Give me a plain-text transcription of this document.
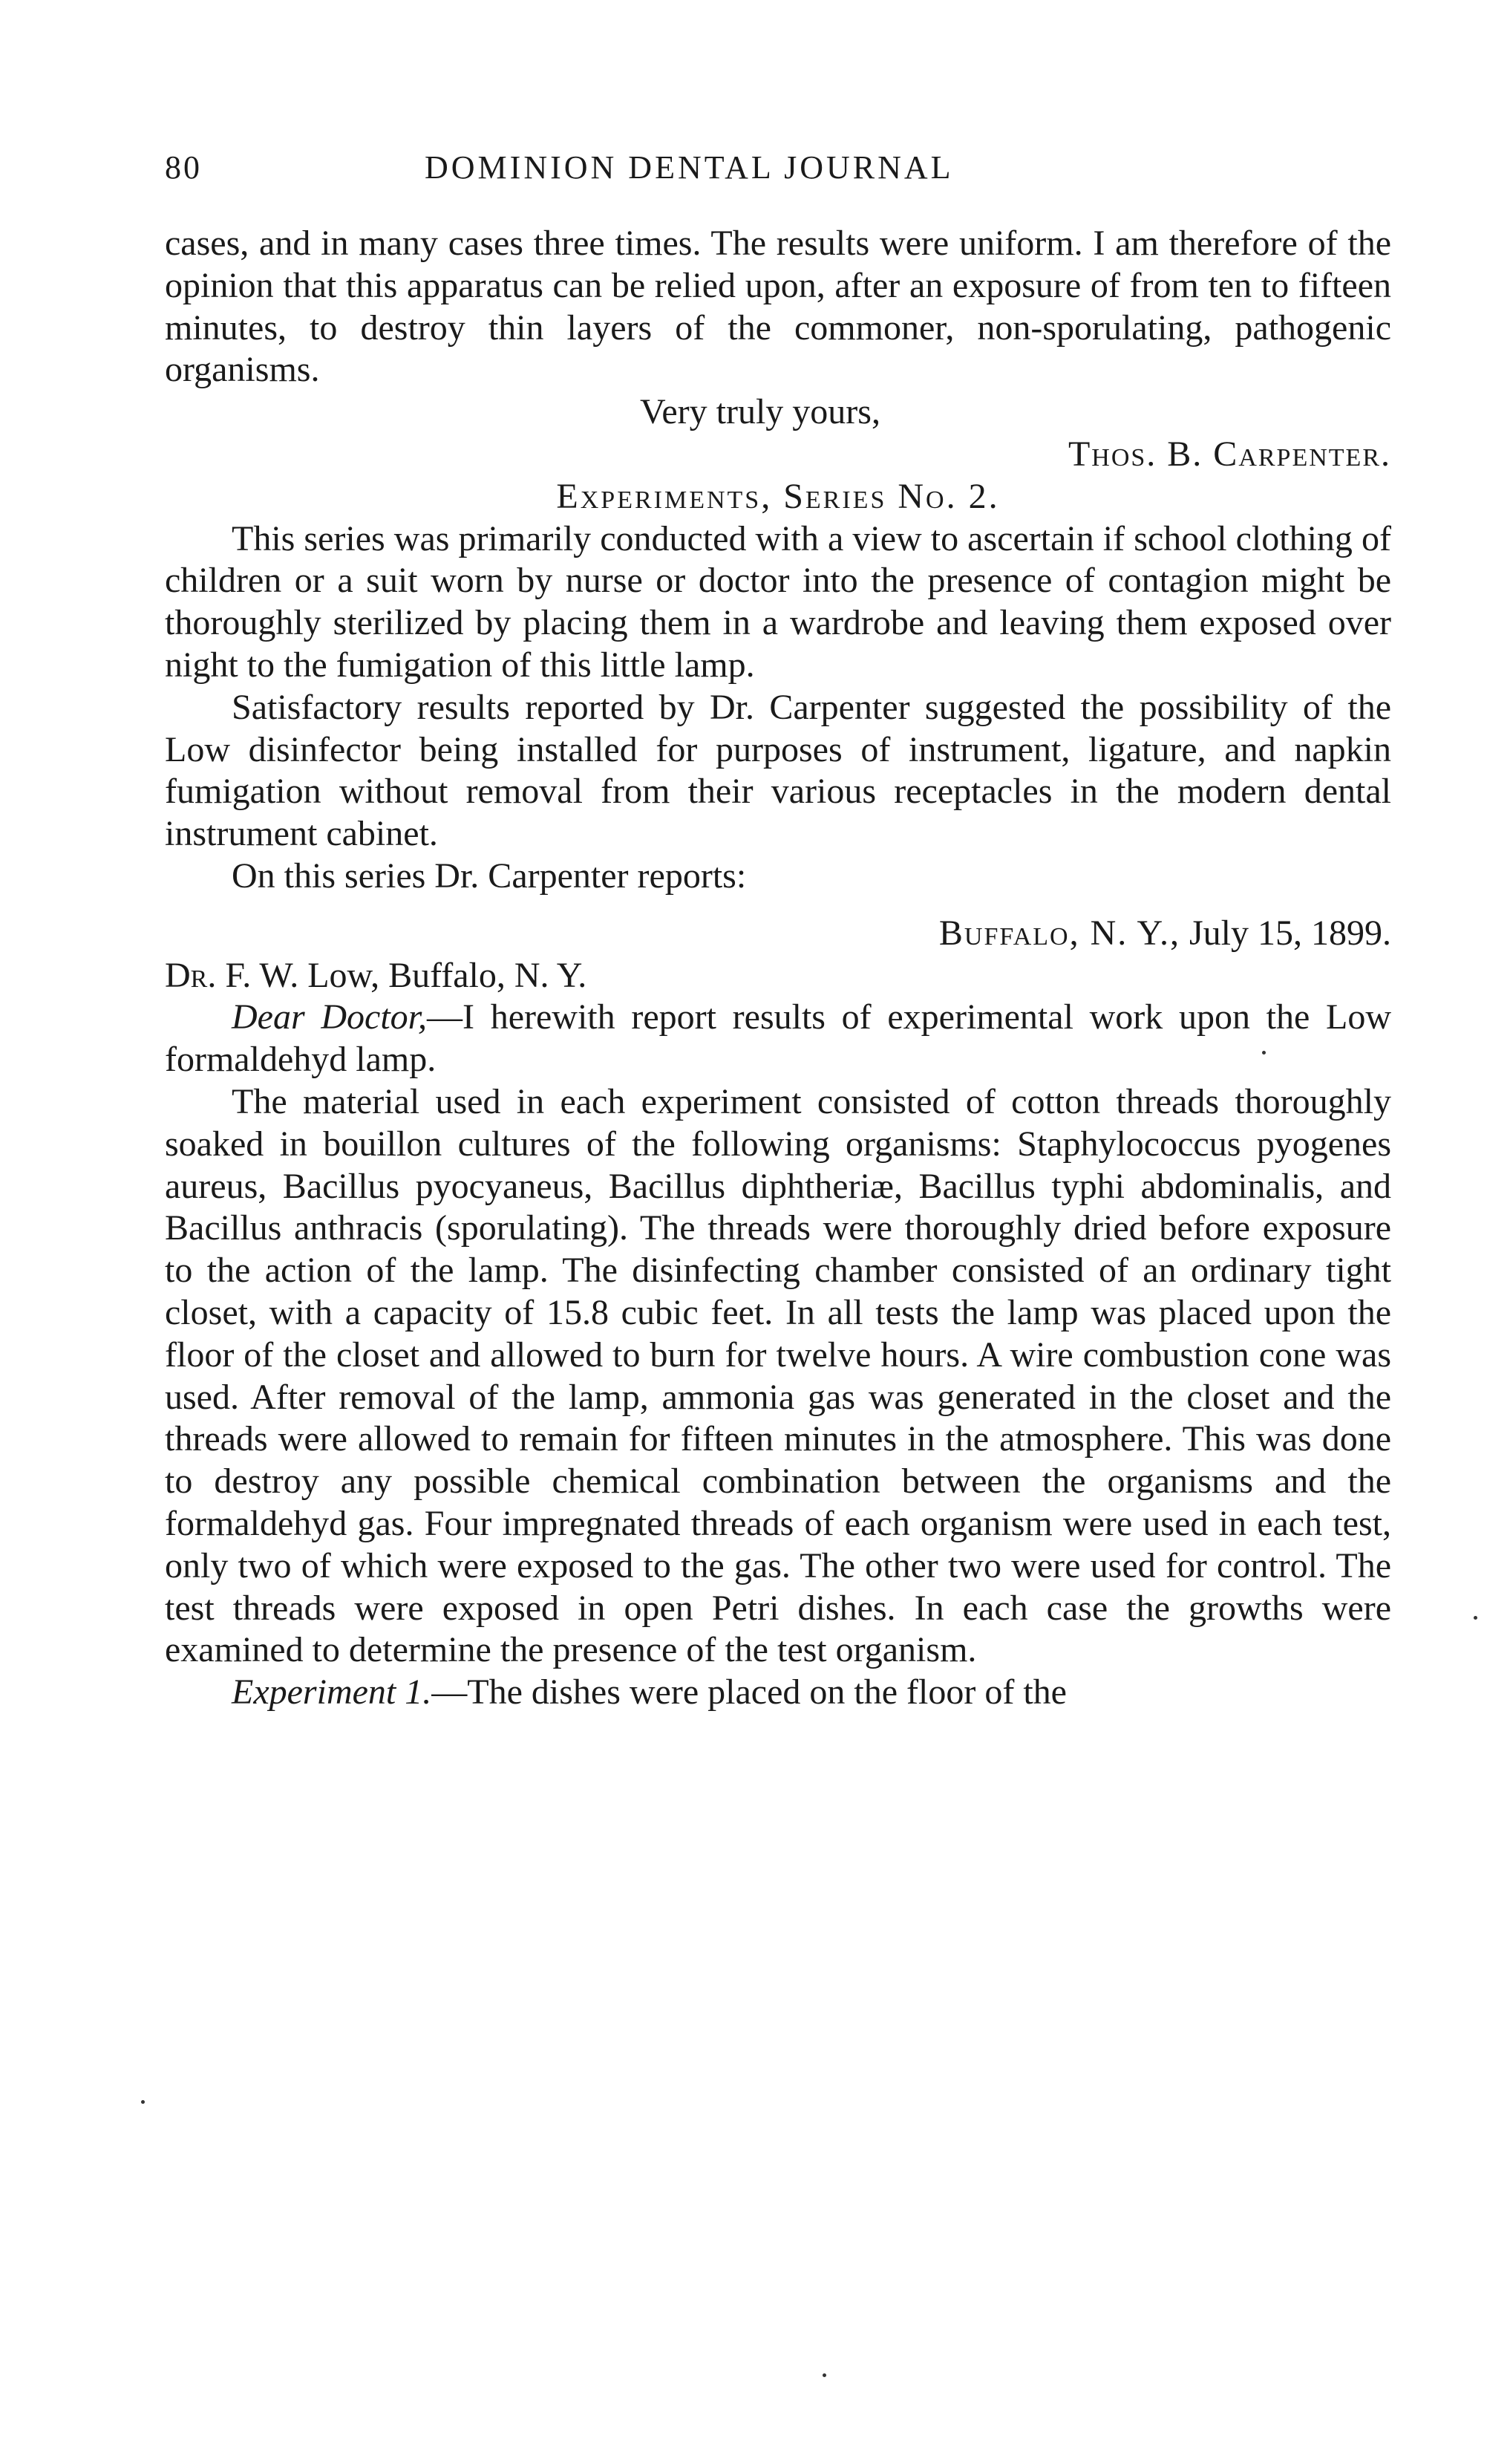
80	DOMINION DENTAL JOURNAL

cases, and in many cases three times. The results were uniform. I am therefore of the opinion that this apparatus can be relied upon, after an exposure of from ten to fifteen minutes, to destroy thin layers of the commoner, non-sporulating, pathogenic organisms.

Very truly yours,

Thos. B. Carpenter.

Experiments, Series No. 2.

This series was primarily conducted with a view to ascertain if school clothing of children or a suit worn by nurse or doctor into the presence of contagion might be thoroughly sterilized by placing them in a wardrobe and leaving them exposed over night to the fumigation of this little lamp.

Satisfactory results reported by Dr. Carpenter suggested the possibility of the Low disinfector being installed for purposes of instrument, ligature, and napkin fumigation without removal from their various receptacles in the modern dental instrument cabinet.

On this series Dr. Carpenter reports:

Buffalo, N. Y., July 15, 1899.

Dr. F. W. Low, Buffalo, N. Y.

Dear Doctor,—I herewith report results of experimental work upon the Low formaldehyd lamp.

The material used in each experiment consisted of cotton threads thoroughly soaked in bouillon cultures of the following organisms: Staphylococcus pyogenes aureus, Bacillus pyocyaneus, Bacillus diphtheriæ, Bacillus typhi abdominalis, and Bacillus anthracis (sporulating). The threads were thoroughly dried before exposure to the action of the lamp. The disinfecting chamber consisted of an ordinary tight closet, with a capacity of 15.8 cubic feet. In all tests the lamp was placed upon the floor of the closet and allowed to burn for twelve hours. A wire combustion cone was used. After removal of the lamp, ammonia gas was generated in the closet and the threads were allowed to remain for fifteen minutes in the atmosphere. This was done to destroy any possible chemical combination between the organisms and the formaldehyd gas. Four impregnated threads of each organism were used in each test, only two of which were exposed to the gas. The other two were used for control. The test threads were exposed in open Petri dishes. In each case the growths were examined to determine the presence of the test organism.

Experiment 1.—The dishes were placed on the floor of the
